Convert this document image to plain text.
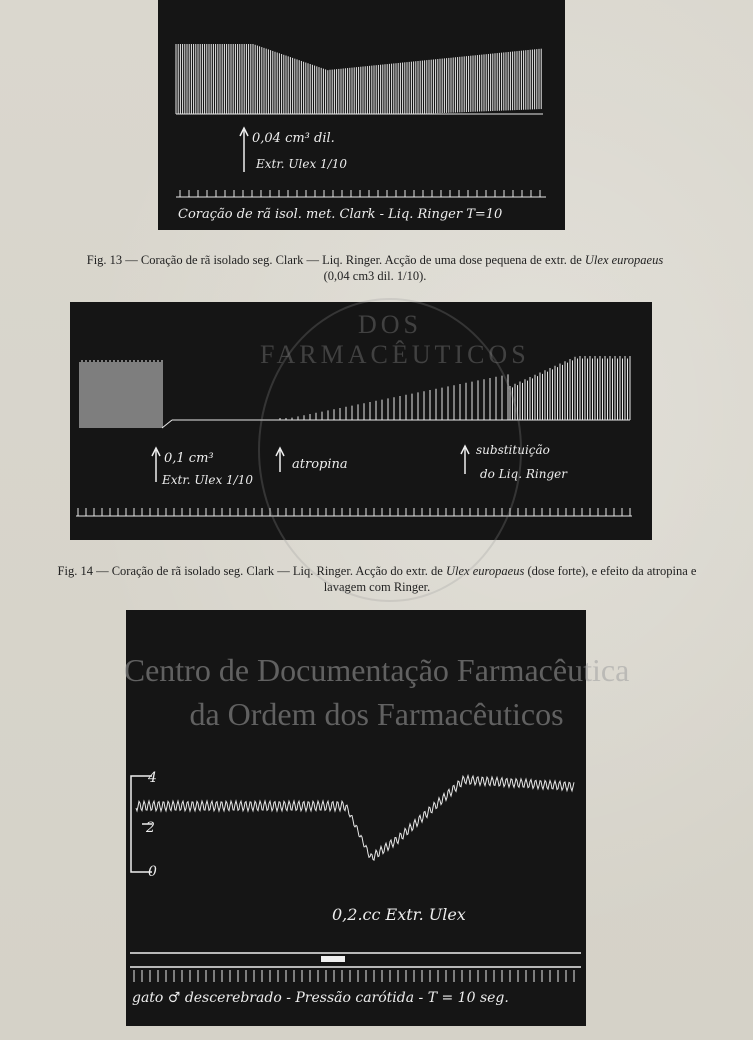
0,04 cm³ dil.
Extr. Ulex 1/10
Coração de rã isol. met. Clark - Liq. Ringer T=10
Fig. 13 — Coração de rã isolado seg. Clark — Liq. Ringer. Acção de uma dose pequena de extr. de Ulex europaeus (0,04 cm3 dil. 1/10).
0,1 cm³
Extr. Ulex 1/10
atropina
substituição
do Liq. Ringer
Fig. 14 — Coração de rã isolado seg. Clark — Liq. Ringer. Acção do extr. de Ulex europaeus (dose forte), e efeito da atropina e lavagem com Ringer.
4
2
0
0,2.cc Extr. Ulex
gato ♂ descerebrado - Pressão carótida - T = 10 seg.
DOS FARMACÊUTICOS
Centro de Documentação Farmacêutica
da Ordem dos Farmacêuticos
